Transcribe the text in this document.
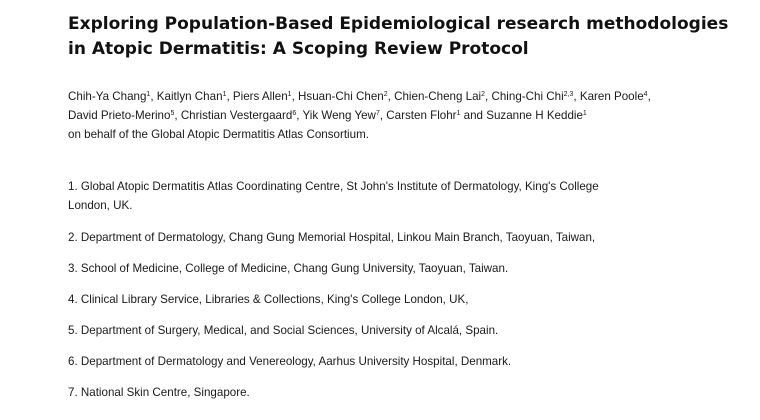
Exploring Population-Based Epidemiological research methodologies in Atopic Dermatitis: A Scoping Review Protocol

Chih-Ya Chang$^1$, Kaitlyn Chan$^1$, Piers Allen$^1$, Hsuan-Chi Chen$^2$, Chien-Cheng Lai$^2$, Ching-Chi Chi$^{2,3}$, Karen Poole$^4$, David Prieto-Merino$^5$, Christian Vestergaard$^6$, Yik Weng Yew$^7$, Carsten Flohr$^1$ and Suzanne H Keddie$^1$
on behalf of the Global Atopic Dermatitis Atlas Consortium.

1. Global Atopic Dermatitis Atlas Coordinating Centre, St John's Institute of Dermatology, King's College London, UK.

2. Department of Dermatology, Chang Gung Memorial Hospital, Linkou Main Branch, Taoyuan, Taiwan,

3. School of Medicine, College of Medicine, Chang Gung University, Taoyuan, Taiwan.

4. Clinical Library Service, Libraries & Collections, King's College London, UK,

5. Department of Surgery, Medical, and Social Sciences, University of Alcalá, Spain.

6. Department of Dermatology and Venereology, Aarhus University Hospital, Denmark.

7. National Skin Centre, Singapore.
